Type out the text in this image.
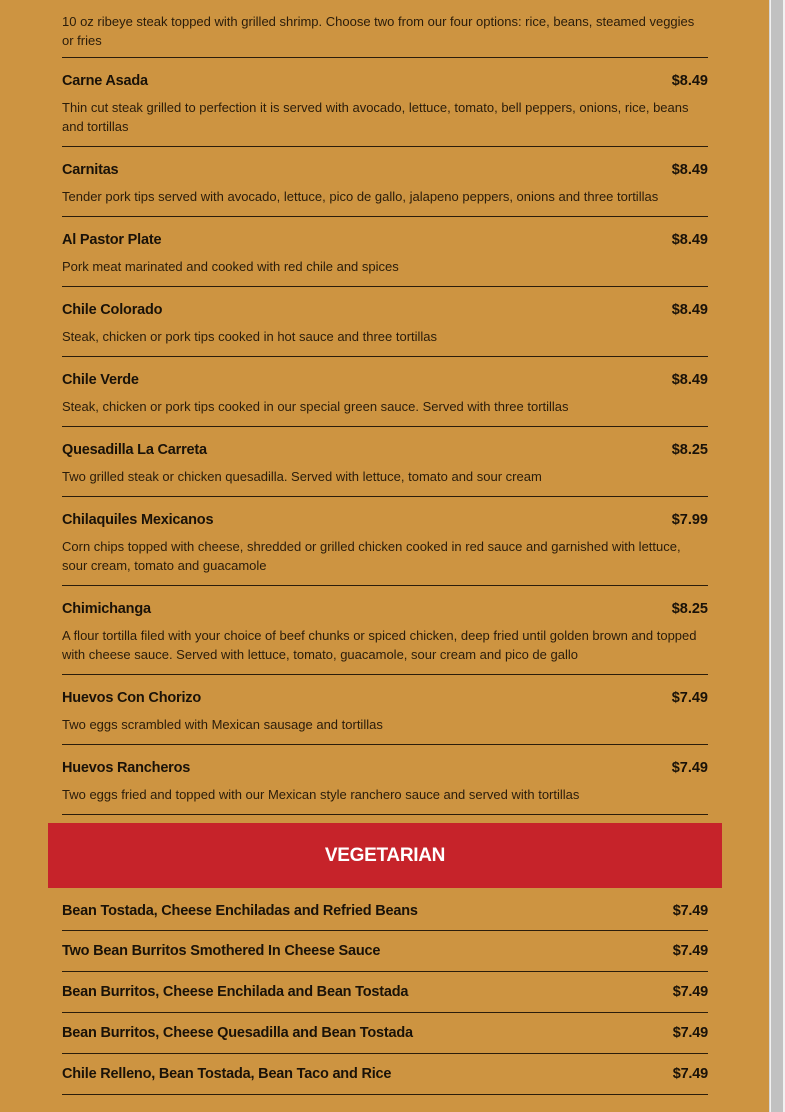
10 oz ribeye steak topped with grilled shrimp. Choose two from our four options: rice, beans, steamed veggies or fries
Carne Asada	$8.49
Thin cut steak grilled to perfection it is served with avocado, lettuce, tomato, bell peppers, onions, rice, beans and tortillas
Carnitas	$8.49
Tender pork tips served with avocado, lettuce, pico de gallo, jalapeno peppers, onions and three tortillas
Al Pastor Plate	$8.49
Pork meat marinated and cooked with red chile and spices
Chile Colorado	$8.49
Steak, chicken or pork tips cooked in hot sauce and three tortillas
Chile Verde	$8.49
Steak, chicken or pork tips cooked in our special green sauce. Served with three tortillas
Quesadilla La Carreta	$8.25
Two grilled steak or chicken quesadilla. Served with lettuce, tomato and sour cream
Chilaquiles Mexicanos	$7.99
Corn chips topped with cheese, shredded or grilled chicken cooked in red sauce and garnished with lettuce, sour cream, tomato and guacamole
Chimichanga	$8.25
A flour tortilla filed with your choice of beef chunks or spiced chicken, deep fried until golden brown and topped with cheese sauce. Served with lettuce, tomato, guacamole, sour cream and pico de gallo
Huevos Con Chorizo	$7.49
Two eggs scrambled with Mexican sausage and tortillas
Huevos Rancheros	$7.49
Two eggs fried and topped with our Mexican style ranchero sauce and served with tortillas
VEGETARIAN
Bean Tostada, Cheese Enchiladas and Refried Beans	$7.49
Two Bean Burritos Smothered In Cheese Sauce	$7.49
Bean Burritos, Cheese Enchilada and Bean Tostada	$7.49
Bean Burritos, Cheese Quesadilla and Bean Tostada	$7.49
Chile Relleno, Bean Tostada, Bean Taco and Rice	$7.49
